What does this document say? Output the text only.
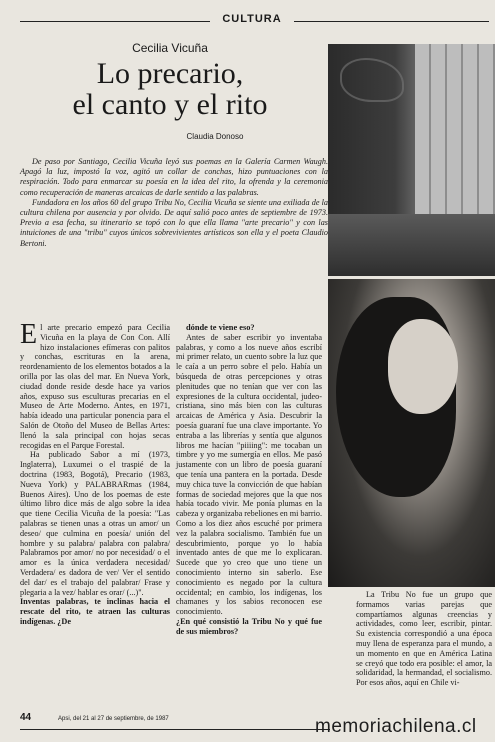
CULTURA
Cecilia Vicuña
Lo precario,
el canto y el rito
Claudia Donoso

De paso por Santiago, Cecilia Vicuña leyó sus poemas en la Galería Carmen Waugh. Apagó la luz, impostó la voz, agitó un collar de conchas, hizo puntuaciones con la respiración. Todo para enmarcar su poesía en la idea del rito, la ofrenda y la ceremonia como recuperación de maneras arcaicas de darle sentido a las palabras.

Fundadora en los años 60 del grupo Tribu No, Cecilia Vicuña se siente una exiliada de la cultura chilena por ausencia y por olvido. De aquí salió poco antes de septiembre de 1973. Previo a esa fecha, su itinerario se topó con lo que ella llama "arte precario" y con las intuiciones de una "tribu" cuyos únicos sobrevivientes artísticos son ella y el poeta Claudio Bertoni.

El arte precario empezó para Cecilia Vicuña en la playa de Con Con. Allí hizo instalaciones efímeras con palitos y conchas, escrituras en la arena, reordenamiento de los elementos botados a la orilla por las olas del mar. En Nueva York, ciudad donde reside desde hace ya varios años, expuso sus esculturas precarias en el Museo de Arte Moderno. Antes, en 1971, había ideado una particular ponencia para el Salón de Otoño del Museo de Bellas Artes: llenó la sala principal con hojas secas recogidas en el Parque Forestal.

Ha publicado Sabor a mí (1973, Inglaterra), Luxumei o el traspié de la doctrina (1983, Bogotá), Precario (1983, Nueva York) y PALABRARmas (1984, Buenos Aires). Uno de los poemas de este último libro dice más de algo sobre la idea que tiene Cecilia Vicuña de la poesía: "Las palabras se tienen unas a otras un amor/ un deseo/ que culmina en poesía/ unión del hombre y su palabra/ palabra con palabra/ Palabramos por amor/ no por necesidad/ o el amor es la única verdadera necesidad/ Verdadera/ es dadora de ver/ Ver el sentido del dar/ es el trabajo del palabrar/ Frase y plegaria a la vez/ hablar es orar/ (...)".

Inventas palabras, te inclinas hacia el rescate del rito, te atraen las culturas indígenas. ¿De

dónde te viene eso?

Antes de saber escribir yo inventaba palabras, y como a los nueve años escribí mi primer relato, un cuento sobre la luz que le caía a un perro sobre el pelo. Había un búsqueda de otras percepciones y otras plenitudes que no tenían que ver con las expresiones de la cultura occidental, judeo-cristiana, sino más bien con las culturas arcaicas de América y Asia. Descubrir la poesía guaraní fue una clave importante. Yo entraba a las librerías y sentía que algunos libros me hacían "piiiing": me tocaban un timbre y yo me sumergía en ellos. Me pasó justamente con un libro de poesía guaraní que tenía una pantera en la portada. Desde muy chica tuve la convicción de que habían formas de sociedad mejores que la que nos había tocado vivir. Me ponía plumas en la cabeza y organizaba rebeliones en mi barrio. Como a los diez años escuché por primera vez la palabra socialismo. También fue un descubrimiento, porque yo lo había inventado antes de que me lo explicaran. Sucede que yo creo que uno tiene un conocimiento interno sin saberlo. Ese conocimiento es negado por la cultura occidental; en cambio, los indígenas, los chamanes y los sabios reconocen ese conocimiento.

¿En qué consistió la Tribu No y qué fue de sus miembros?

La Tribu No fue un grupo que formamos varias parejas que compartíamos algunas creencias y actividades, como leer, escribir, pintar. Su existencia correspondió a una época muy llena de esperanza para el mundo, a un momento en que en América Latina se creyó que todo era posible: el amor, la solidaridad, la hermandad, el socialismo. Por esos años, aquí en Chile vi-

44	Apsi, del 21 al 27 de septiembre, de 1987	memoriachilena.cl
